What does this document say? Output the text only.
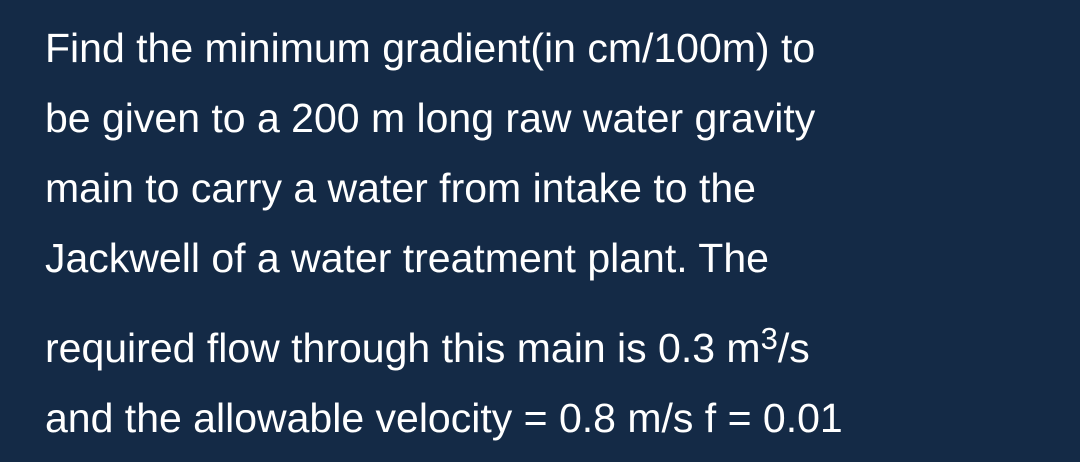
Find the minimum gradient(in cm/100m) to
be given to a 200 m long raw water gravity
main to carry a water from intake to the
Jackwell of a water treatment plant. The
required flow through this main is 0.3 $m^3/s$
and the allowable velocity = 0.8 m/s f = 0.01
